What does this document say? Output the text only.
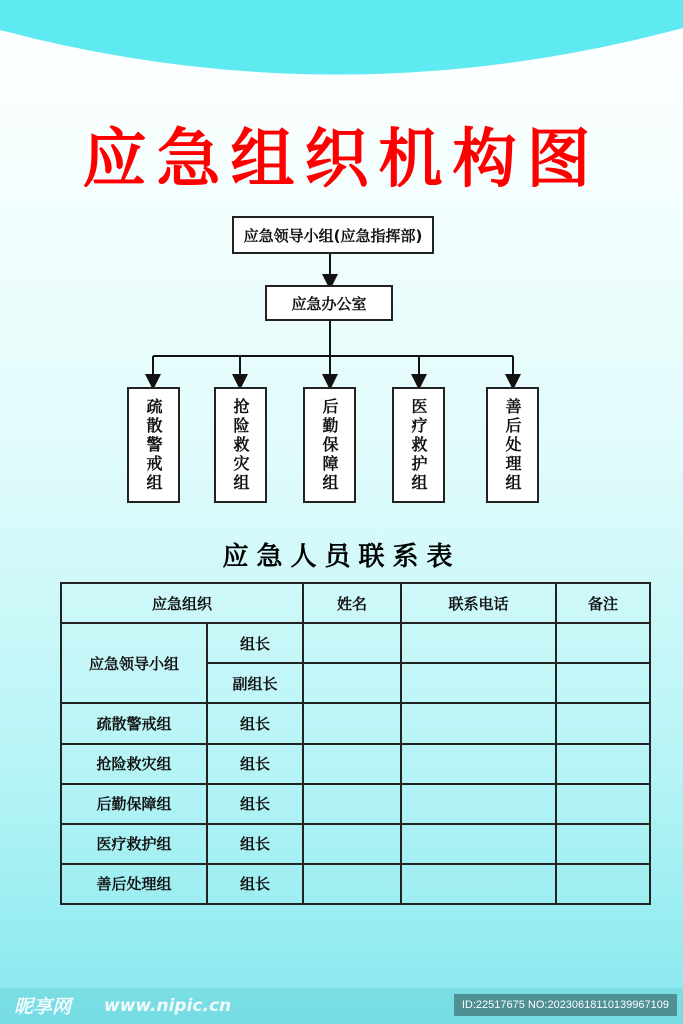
应急组织机构图
应急领导小组(应急指挥部)
应急办公室
疏散警戒组	抢险救灾组	后勤保障组	医疗救护组	善后处理组
应急人员联系表
应急组织		姓名	联系电话	备注
应急领导小组	组长			
	副组长			
疏散警戒组	组长			
抢险救灾组	组长			
后勤保障组	组长			
医疗救护组	组长			
善后处理组	组长			
昵享网 www.nipic.cn	ID:22517675 NO:20230618110139967109
